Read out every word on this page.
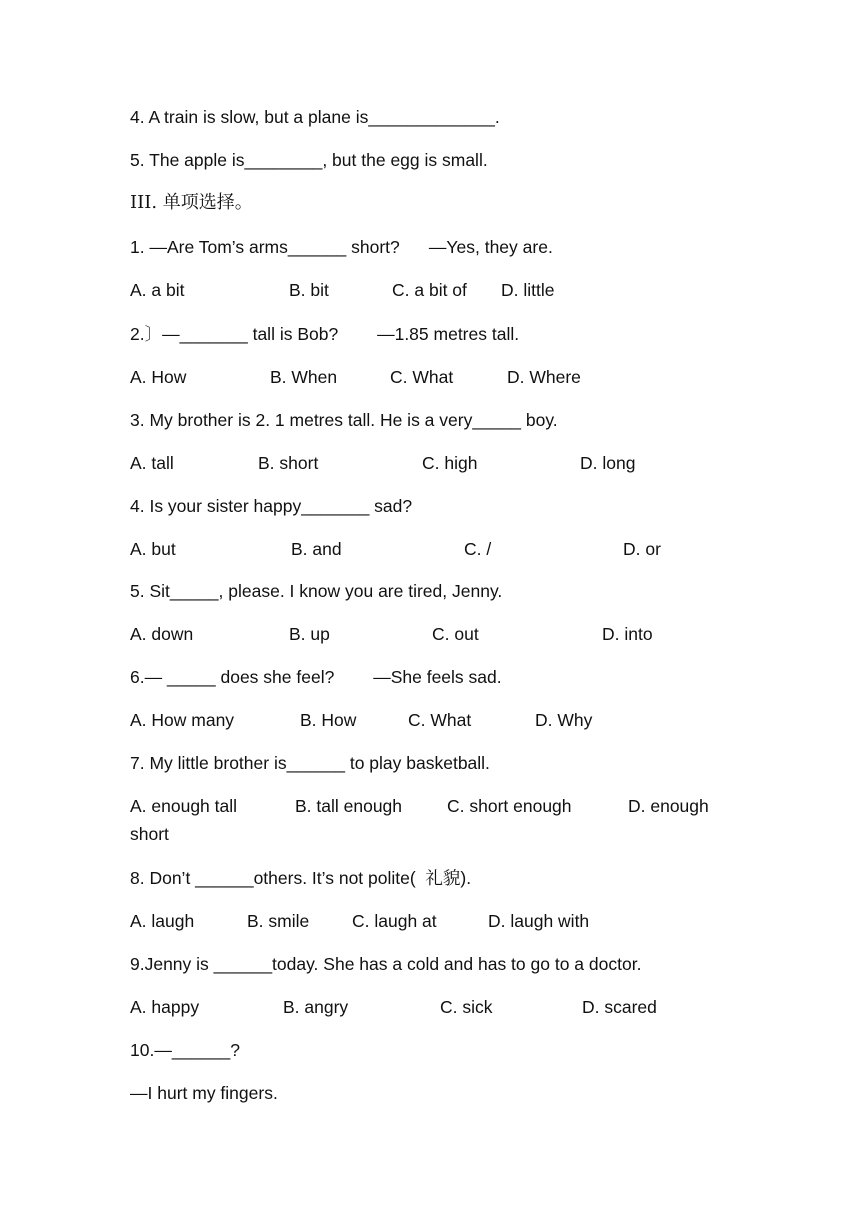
4. A train is slow, but a plane is_____________.
5. The apple is________, but the egg is small.
III. 单项选择。
1. —Are Tom’s arms______ short?      —Yes, they are.
A. a bit	B. bit	C. a bit of D. little
2.〕—_______ tall is Bob?        —1.85 metres tall.
A. How	B. When	C. What	D. Where
3. My brother is 2. 1 metres tall. He is a very_____ boy.
A. tall	B. short	C. high	D. long
4. Is your sister happy_______ sad?
A. but	B. and	C. /	D. or
5. Sit_____, please. I know you are tired, Jenny.
A. down	B. up	C. out	D. into
6.— _____ does she feel?        —She feels sad.
A. How many	B. How	C. What	D. Why
7. My little brother is______ to play basketball.
A. enough tall	B. tall enough	C. short enough	D. enough
short
8. Don’t ______others. It’s not polite(  礼貌).
A. laugh	B. smile C. laugh at	D. laugh with
9.Jenny is ______today. She has a cold and has to go to a doctor.
A. happy	B. angry	C. sick	D. scared
10.—______?
—I hurt my fingers.
